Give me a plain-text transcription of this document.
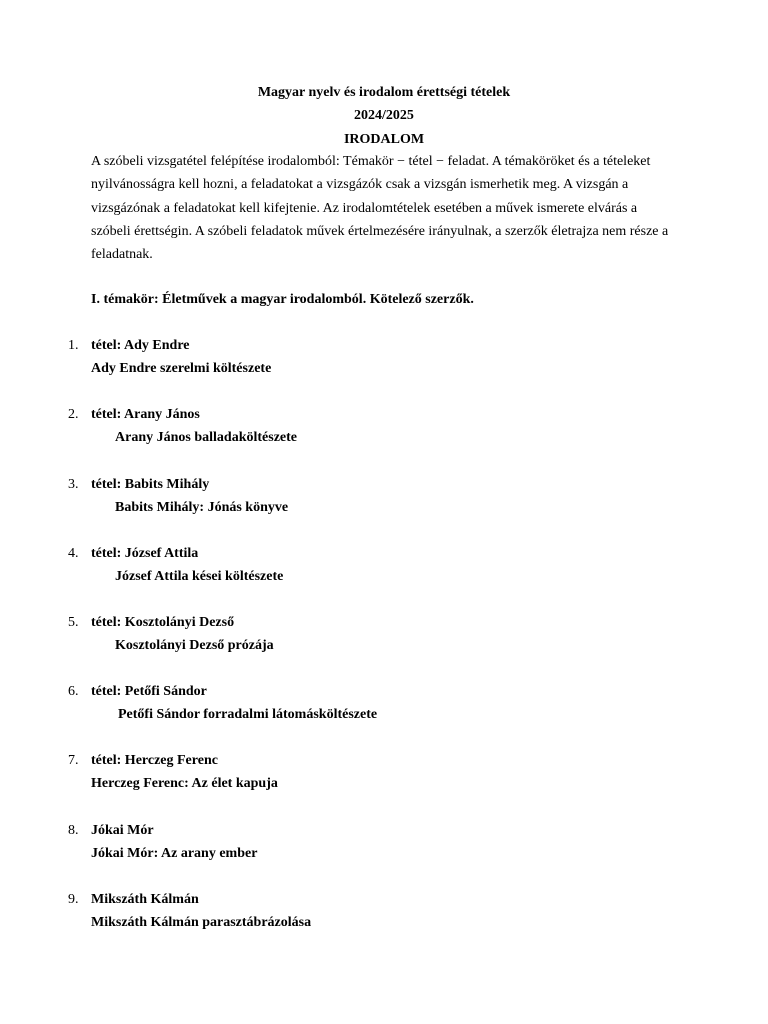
Magyar nyelv és irodalom érettségi tételek
2024/2025
IRODALOM

A szóbeli vizsgatétel felépítése irodalomból: Témakör − tétel − feladat. A témaköröket és a tételeket nyilvánosságra kell hozni, a feladatokat a vizsgázók csak a vizsgán ismerhetik meg. A vizsgán a vizsgázónak a feladatokat kell kifejtenie. Az irodalomtételek esetében a művek ismerete elvárás a szóbeli érettségin. A szóbeli feladatok művek értelmezésére irányulnak, a szerzők életrajza nem része a feladatnak.

I. témakör: Életművek a magyar irodalomból. Kötelező szerzők.
1. tétel: Ady Endre
Ady Endre szerelmi költészete
2. tétel: Arany János
Arany János balladaköltészete
3. tétel: Babits Mihály
Babits Mihály: Jónás könyve
4. tétel: József Attila
József Attila kései költészete
5. tétel: Kosztolányi Dezső
Kosztolányi Dezső prózája
6. tétel: Petőfi Sándor
Petőfi Sándor forradalmi látomásköltészete
7. tétel: Herczeg Ferenc
Herczeg Ferenc: Az élet kapuja
8. Jókai Mór
Jókai Mór: Az arany ember
9. Mikszáth Kálmán
Mikszáth Kálmán parasztábrázolása
